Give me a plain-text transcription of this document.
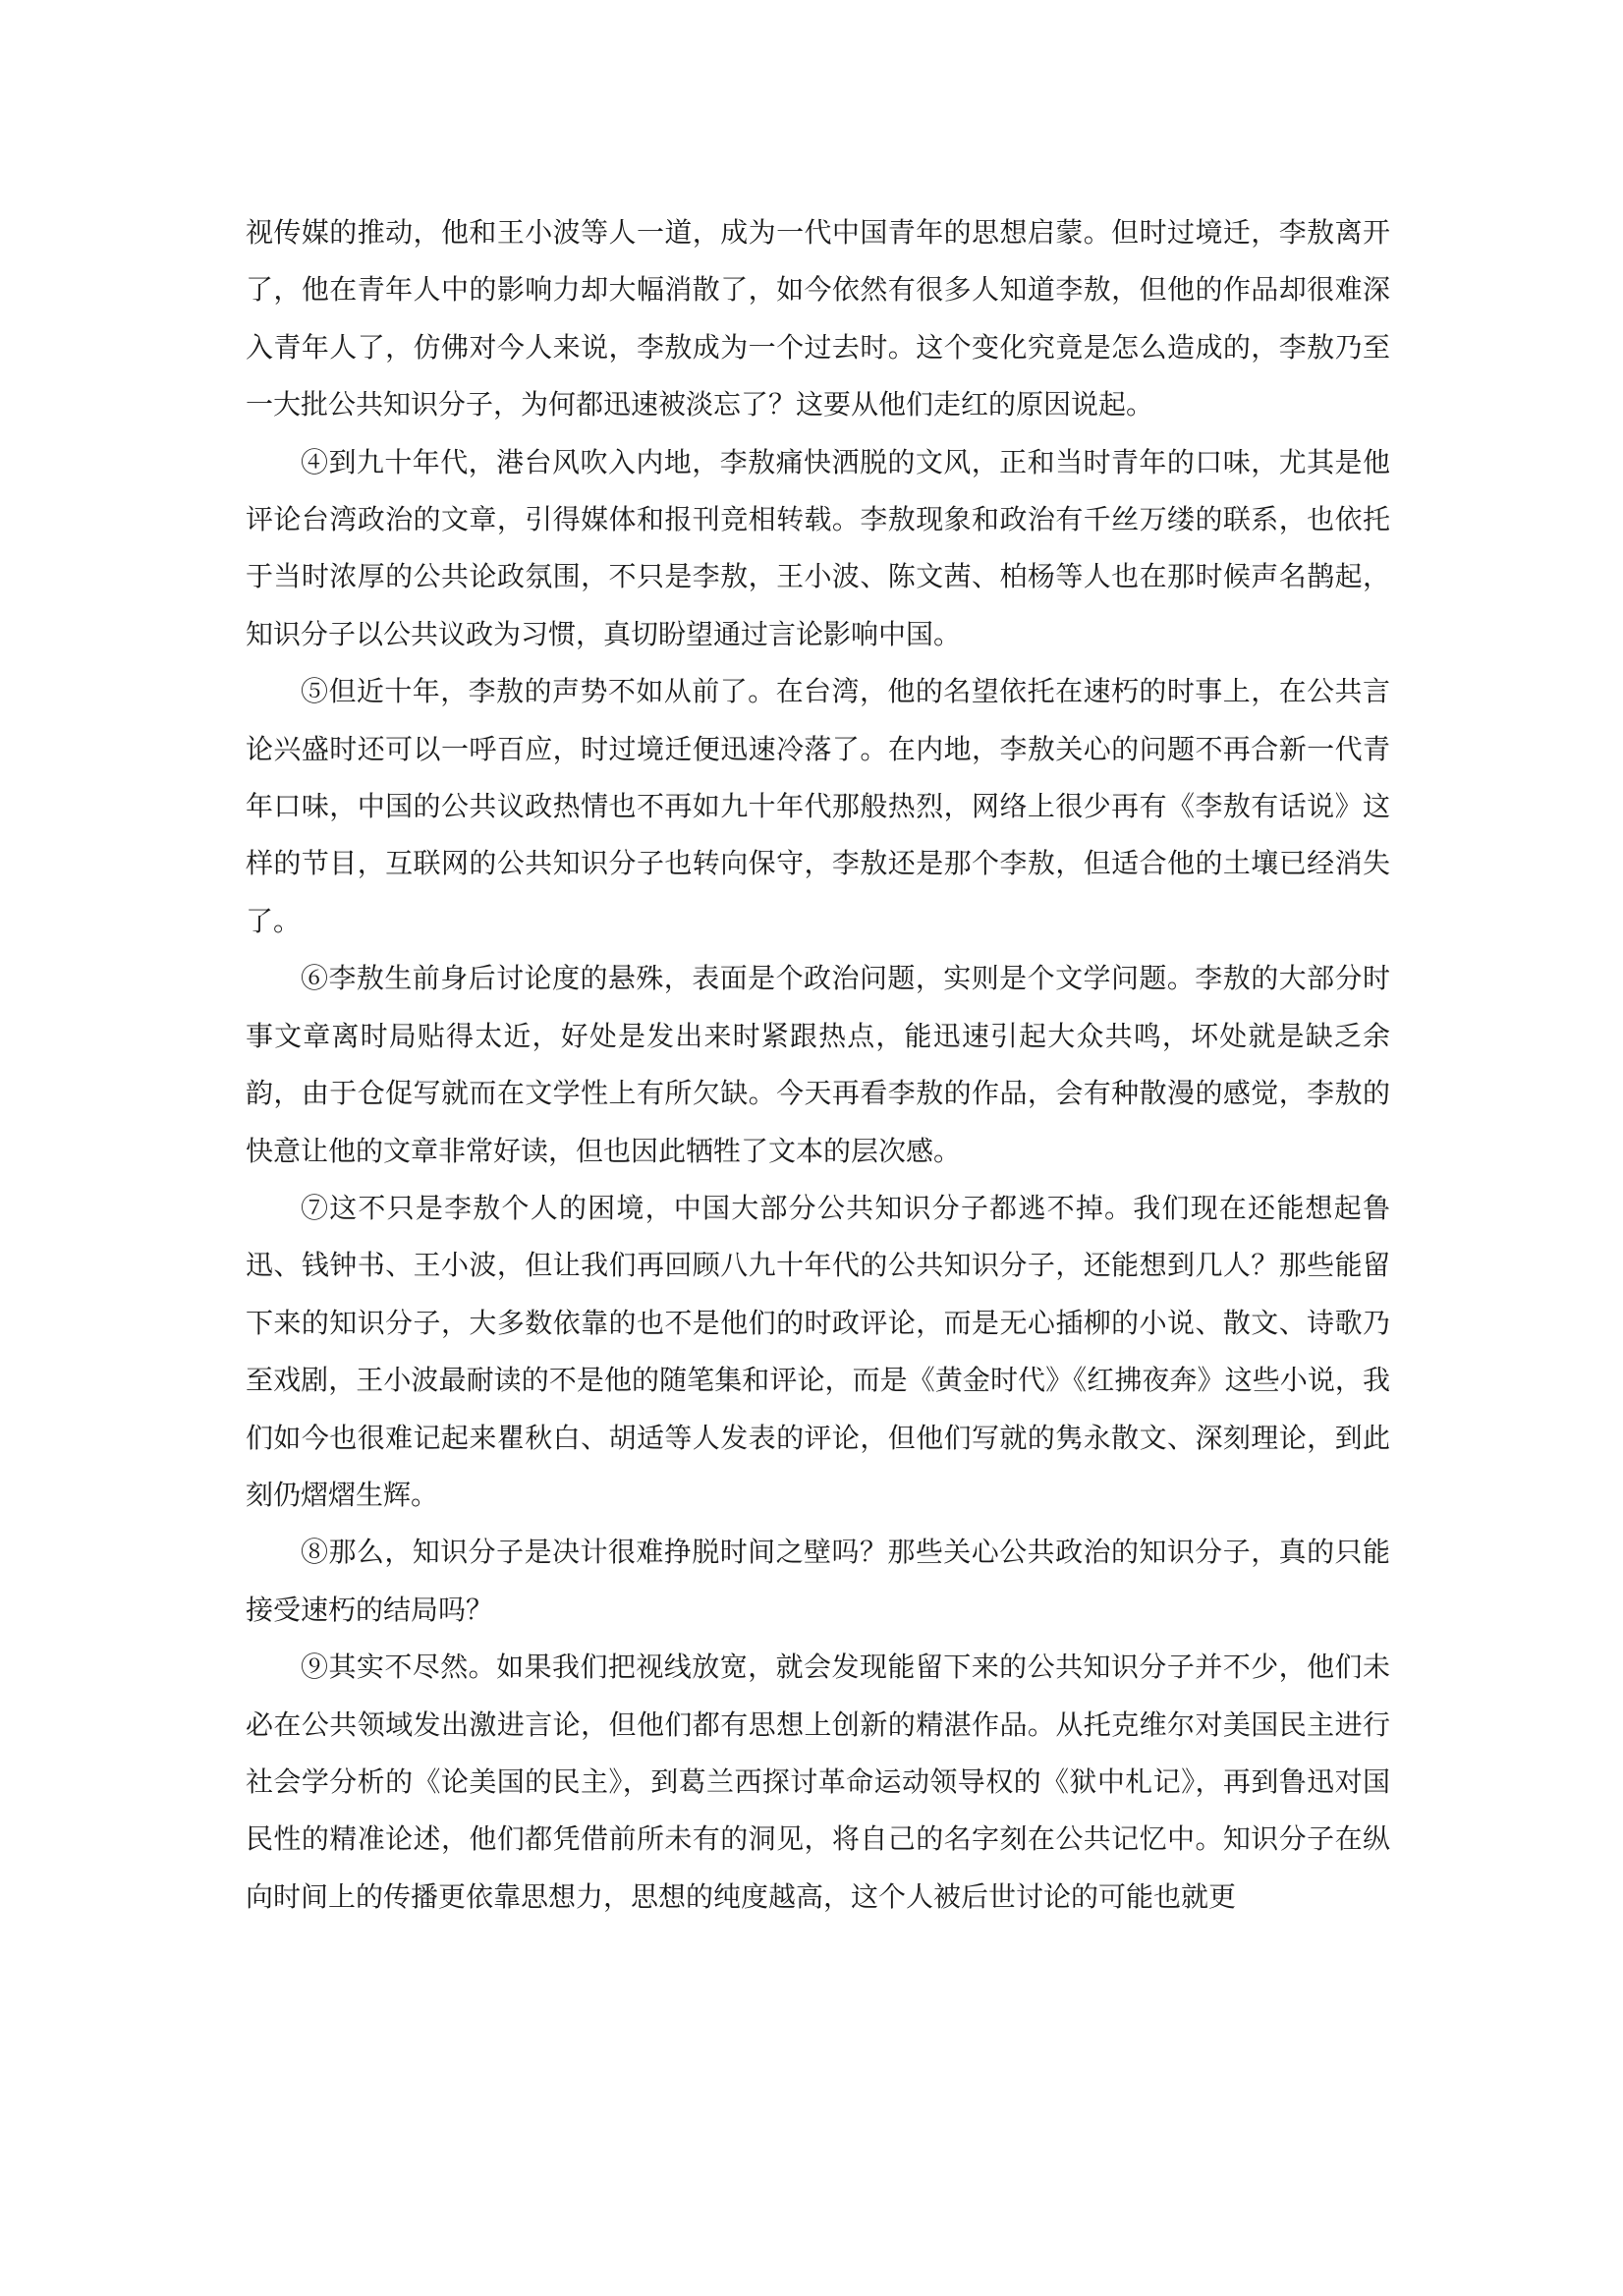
视传媒的推动，他和王小波等人一道，成为一代中国青年的思想启蒙。但时过境迁，李敖离开了，他在青年人中的影响力却大幅消散了，如今依然有很多人知道李敖，但他的作品却很难深入青年人了，仿佛对今人来说，李敖成为一个过去时。这个变化究竟是怎么造成的，李敖乃至一大批公共知识分子，为何都迅速被淡忘了？这要从他们走红的原因说起。

④到九十年代，港台风吹入内地，李敖痛快洒脱的文风，正和当时青年的口味，尤其是他评论台湾政治的文章，引得媒体和报刊竞相转载。李敖现象和政治有千丝万缕的联系，也依托于当时浓厚的公共论政氛围，不只是李敖，王小波、陈文茜、柏杨等人也在那时候声名鹊起，知识分子以公共议政为习惯，真切盼望通过言论影响中国。

⑤但近十年，李敖的声势不如从前了。在台湾，他的名望依托在速朽的时事上，在公共言论兴盛时还可以一呼百应，时过境迁便迅速冷落了。在内地，李敖关心的问题不再合新一代青年口味，中国的公共议政热情也不再如九十年代那般热烈，网络上很少再有《李敖有话说》这样的节目，互联网的公共知识分子也转向保守，李敖还是那个李敖，但适合他的土壤已经消失了。

⑥李敖生前身后讨论度的悬殊，表面是个政治问题，实则是个文学问题。李敖的大部分时事文章离时局贴得太近，好处是发出来时紧跟热点，能迅速引起大众共鸣，坏处就是缺乏余韵，由于仓促写就而在文学性上有所欠缺。今天再看李敖的作品，会有种散漫的感觉，李敖的快意让他的文章非常好读，但也因此牺牲了文本的层次感。

⑦这不只是李敖个人的困境，中国大部分公共知识分子都逃不掉。我们现在还能想起鲁迅、钱钟书、王小波，但让我们再回顾八九十年代的公共知识分子，还能想到几人？那些能留下来的知识分子，大多数依靠的也不是他们的时政评论，而是无心插柳的小说、散文、诗歌乃至戏剧，王小波最耐读的不是他的随笔集和评论，而是《黄金时代》《红拂夜奔》这些小说，我们如今也很难记起来瞿秋白、胡适等人发表的评论，但他们写就的隽永散文、深刻理论，到此刻仍熠熠生辉。

⑧那么，知识分子是决计很难挣脱时间之壁吗？那些关心公共政治的知识分子，真的只能接受速朽的结局吗？

⑨其实不尽然。如果我们把视线放宽，就会发现能留下来的公共知识分子并不少，他们未必在公共领域发出激进言论，但他们都有思想上创新的精湛作品。从托克维尔对美国民主进行社会学分析的《论美国的民主》，到葛兰西探讨革命运动领导权的《狱中札记》，再到鲁迅对国民性的精准论述，他们都凭借前所未有的洞见，将自己的名字刻在公共记忆中。知识分子在纵向时间上的传播更依靠思想力，思想的纯度越高，这个人被后世讨论的可能也就更
